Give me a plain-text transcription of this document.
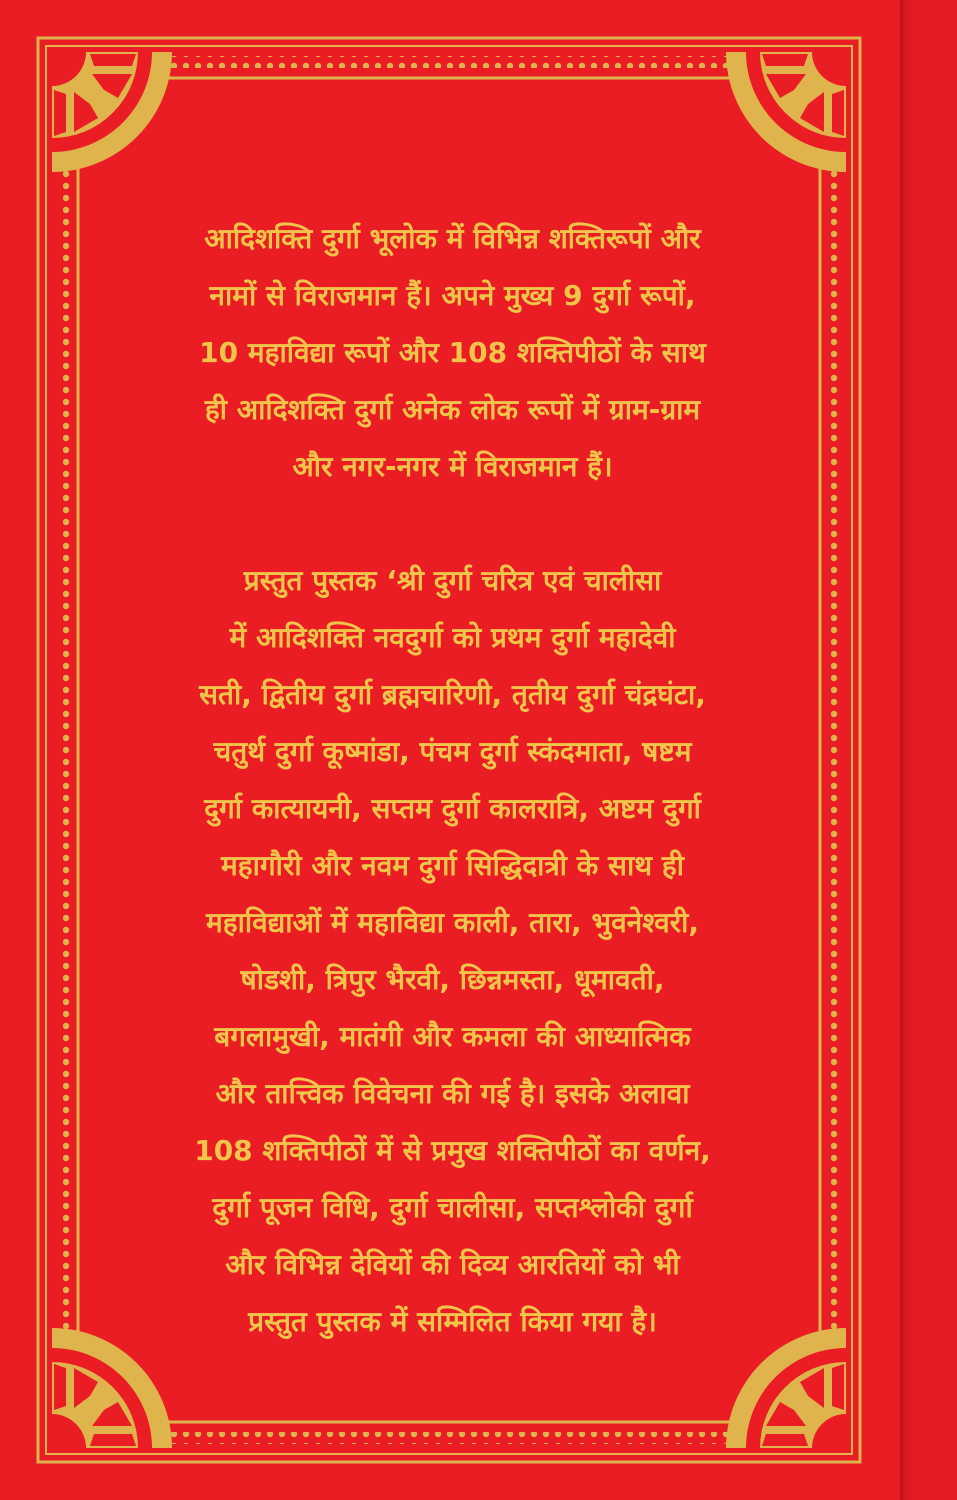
आदिशक्ति दुर्गा भूलोक में विभिन्न शक्तिरूपों और
नामों से विराजमान हैं। अपने मुख्य 9 दुर्गा रूपों,
10 महाविद्या रूपों और 108 शक्तिपीठों के साथ
ही आदिशक्ति दुर्गा अनेक लोक रूपों में ग्राम-ग्राम
और नगर-नगर में विराजमान हैं।

प्रस्तुत पुस्तक ‘श्री दुर्गा चरित्र एवं चालीसा
में आदिशक्ति नवदुर्गा को प्रथम दुर्गा महादेवी
सती, द्वितीय दुर्गा ब्रह्मचारिणी, तृतीय दुर्गा चंद्रघंटा,
चतुर्थ दुर्गा कूष्मांडा, पंचम दुर्गा स्कंदमाता, षष्टम
दुर्गा कात्यायनी, सप्तम दुर्गा कालरात्रि, अष्टम दुर्गा
महागौरी और नवम दुर्गा सिद्धिदात्री के साथ ही
महाविद्याओं में महाविद्या काली, तारा, भुवनेश्वरी,
षोडशी, त्रिपुर भैरवी, छिन्नमस्ता, धूमावती,
बगलामुखी, मातंगी और कमला की आध्यात्मिक
और तात्त्विक विवेचना की गई है। इसके अलावा
108 शक्तिपीठों में से प्रमुख शक्तिपीठों का वर्णन,
दुर्गा पूजन विधि, दुर्गा चालीसा, सप्तश्लोकी दुर्गा
और विभिन्न देवियों की दिव्य आरतियों को भी
प्रस्तुत पुस्तक में सम्मिलित किया गया है।
